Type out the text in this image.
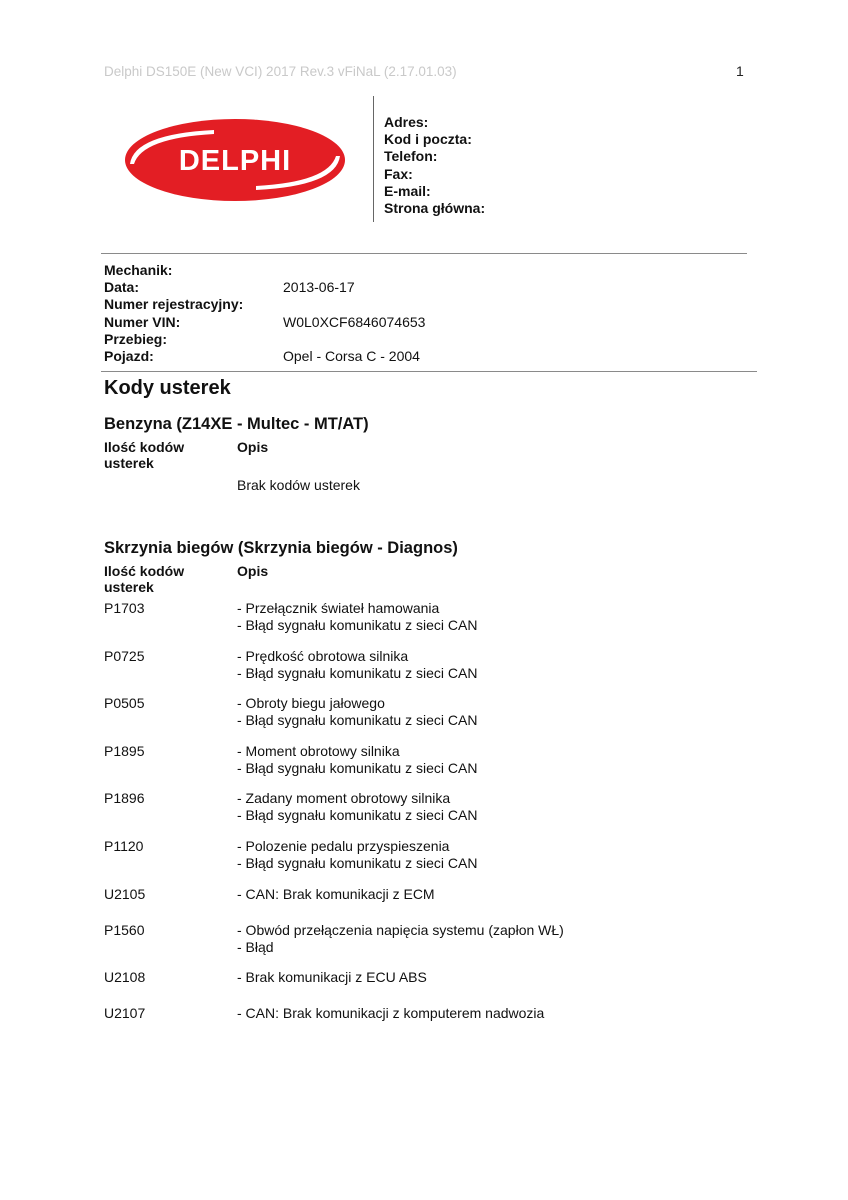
Delphi DS150E (New VCI) 2017 Rev.3 vFiNaL (2.17.01.03)	1
DELPHI
Adres:
Kod i poczta:
Telefon:
Fax:
E-mail:
Strona główna:
Mechanik:
Data:	2013-06-17
Numer rejestracyjny:
Numer VIN:	W0L0XCF6846074653
Przebieg:
Pojazd:	Opel - Corsa C - 2004
Kody usterek
Benzyna (Z14XE - Multec - MT/AT)
Ilość kodów
usterek
Opis
Brak kodów usterek
Skrzynia biegów (Skrzynia biegów - Diagnos)
Ilość kodów
usterek
Opis
P1703	- Przełącznik świateł hamowania
- Błąd sygnału komunikatu z sieci CAN
P0725	- Prędkość obrotowa silnika
- Błąd sygnału komunikatu z sieci CAN
P0505	- Obroty biegu jałowego
- Błąd sygnału komunikatu z sieci CAN
P1895	- Moment obrotowy silnika
- Błąd sygnału komunikatu z sieci CAN
P1896	- Zadany moment obrotowy silnika
- Błąd sygnału komunikatu z sieci CAN
P1120	- Polozenie pedalu przyspieszenia
- Błąd sygnału komunikatu z sieci CAN
U2105	- CAN: Brak komunikacji z ECM
P1560	- Obwód przełączenia napięcia systemu (zapłon WŁ)
- Błąd
U2108	- Brak komunikacji z ECU ABS
U2107	- CAN: Brak komunikacji z komputerem nadwozia
